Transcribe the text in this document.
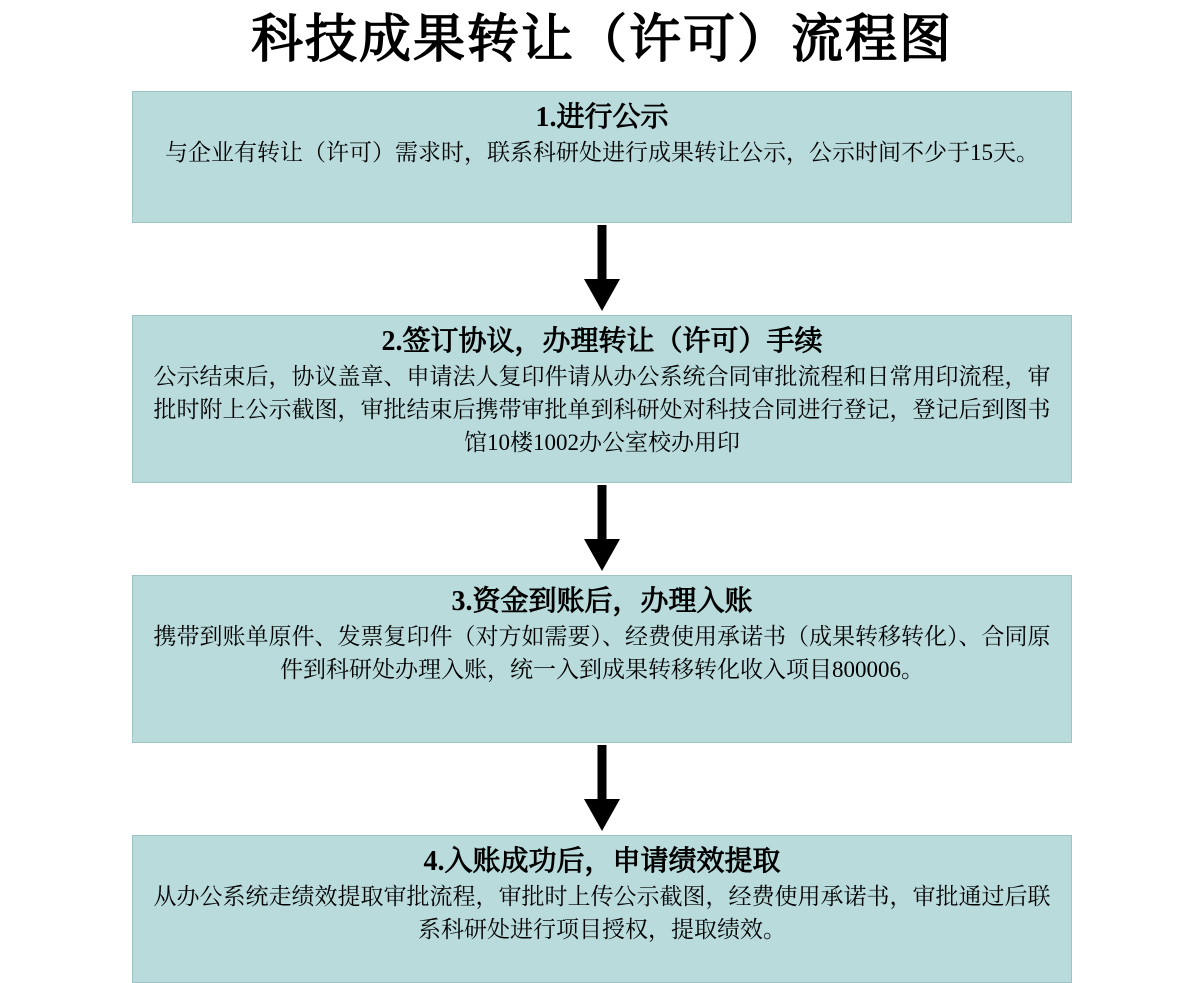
科技成果转让（许可）流程图
1.进行公示
与企业有转让（许可）需求时，联系科研处进行成果转让公示，公示时间不少于15天。
2.签订协议，办理转让（许可）手续
公示结束后，协议盖章、申请法人复印件请从办公系统合同审批流程和日常用印流程，审批时附上公示截图，审批结束后携带审批单到科研处对科技合同进行登记，登记后到图书馆10楼1002办公室校办用印
3.资金到账后，办理入账
携带到账单原件、发票复印件（对方如需要）、经费使用承诺书（成果转移转化）、合同原件到科研处办理入账，统一入到成果转移转化收入项目800006。
4.入账成功后，申请绩效提取
从办公系统走绩效提取审批流程，审批时上传公示截图，经费使用承诺书，审批通过后联系科研处进行项目授权，提取绩效。
